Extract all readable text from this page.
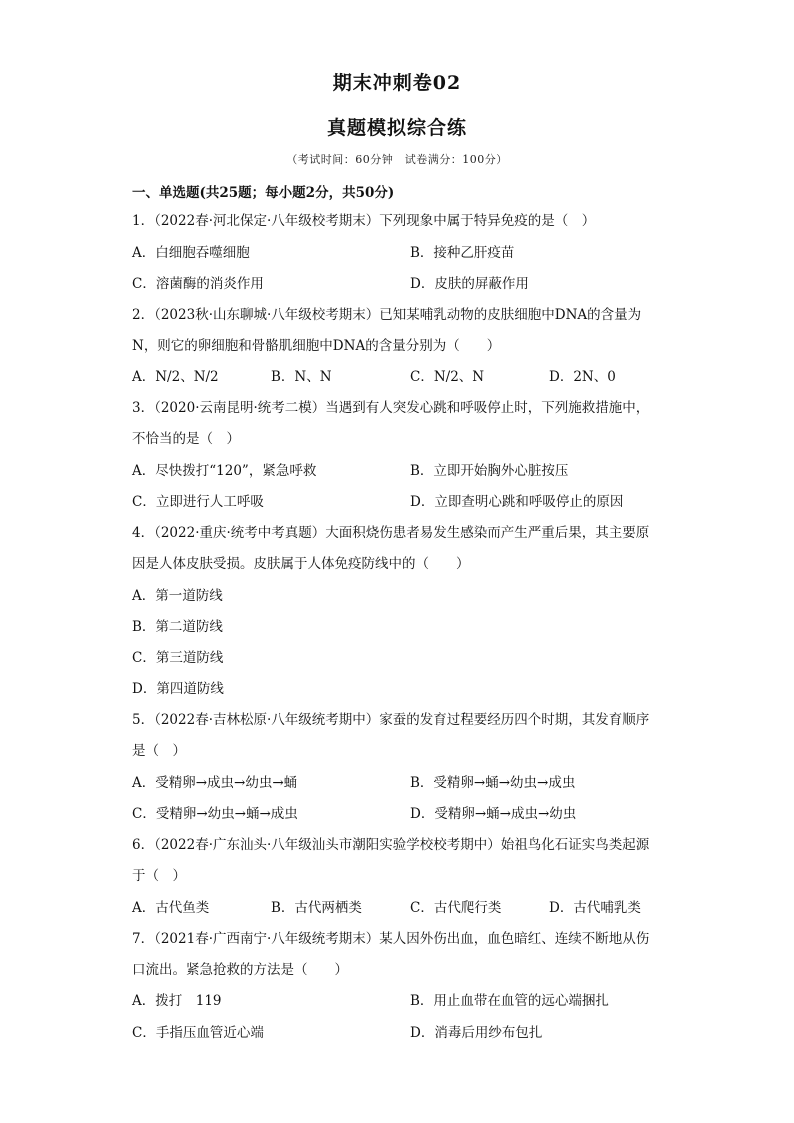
期末冲刺卷02
真题模拟综合练
（考试时间：60分钟　试卷满分：100分）
一、单选题(共25题；每小题2分，共50分)
1．（2022春·河北保定·八年级校考期末）下列现象中属于特异免疫的是（　）
A．白细胞吞噬细胞	B．接种乙肝疫苗
C．溶菌酶的消炎作用	D．皮肤的屏蔽作用
2．（2023秋·山东聊城·八年级校考期末）已知某哺乳动物的皮肤细胞中DNA的含量为
N，则它的卵细胞和骨骼肌细胞中DNA的含量分别为（　　）
A．N/2、N/2	B．N、N	C．N/2、N	D．2N、0
3．（2020·云南昆明·统考二模）当遇到有人突发心跳和呼吸停止时，下列施救措施中，
不恰当的是（　）
A．尽快拨打“120”，紧急呼救	B．立即开始胸外心脏按压
C．立即进行人工呼吸	D．立即查明心跳和呼吸停止的原因
4．（2022·重庆·统考中考真题）大面积烧伤患者易发生感染而产生严重后果，其主要原
因是人体皮肤受损。皮肤属于人体免疫防线中的（　　）
A．第一道防线
B．第二道防线
C．第三道防线
D．第四道防线
5．（2022春·吉林松原·八年级统考期中）家蚕的发育过程要经历四个时期，其发育顺序
是（　）
A．受精卵→成虫→幼虫→蛹	B．受精卵→蛹→幼虫→成虫
C．受精卵→幼虫→蛹→成虫	D．受精卵→蛹→成虫→幼虫
6．（2022春·广东汕头·八年级汕头市潮阳实验学校校考期中）始祖鸟化石证实鸟类起源
于（　）
A．古代鱼类	B．古代两栖类	C．古代爬行类	D．古代哺乳类
7．（2021春·广西南宁·八年级统考期末）某人因外伤出血，血色暗红、连续不断地从伤
口流出。紧急抢救的方法是（　　）
A．拨打　119	B．用止血带在血管的远心端捆扎
C．手指压血管近心端	D．消毒后用纱布包扎
